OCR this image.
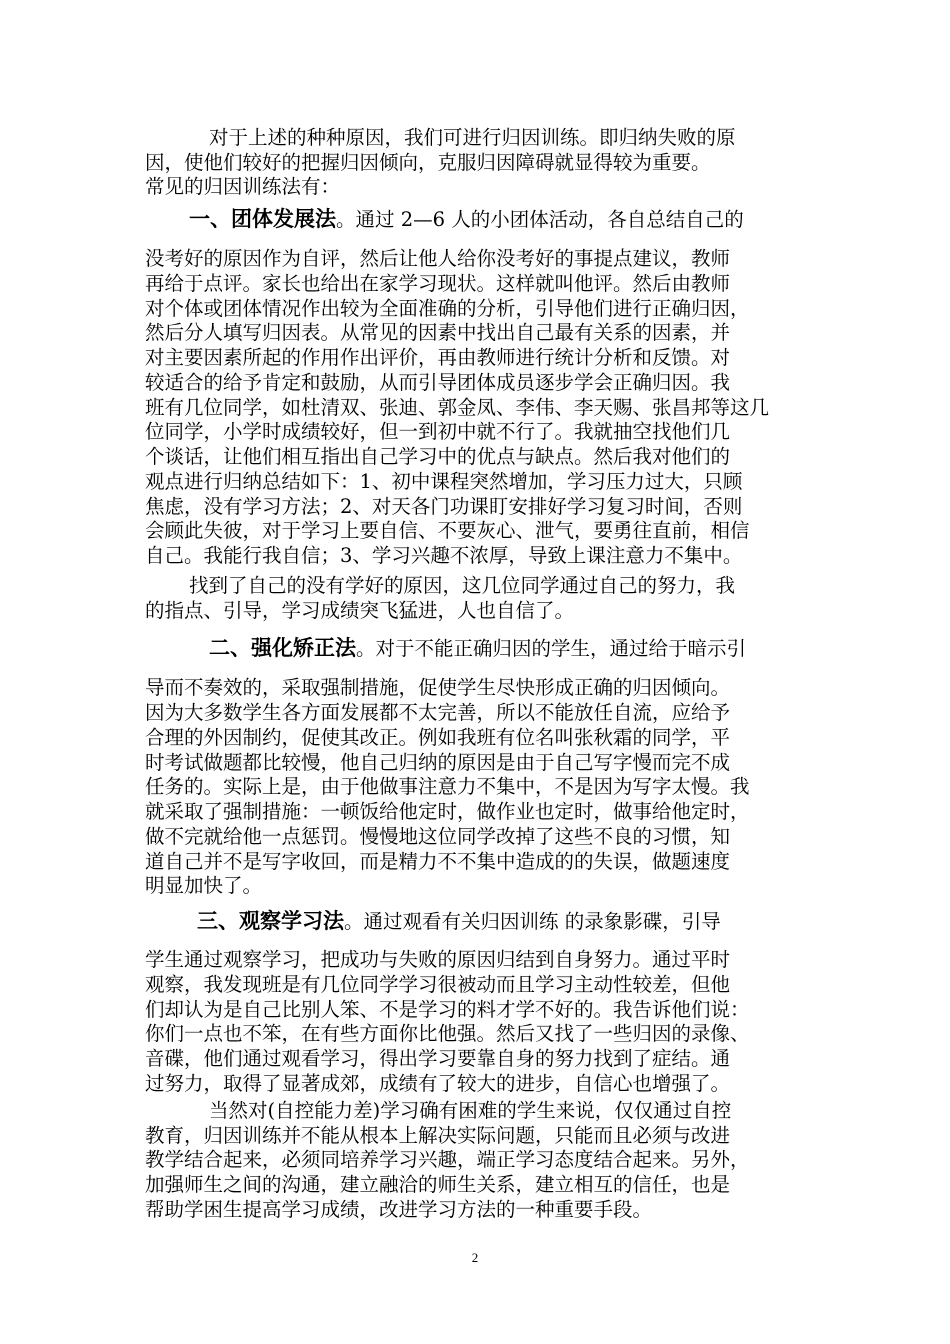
对于上述的种种原因，我们可进行归因训练。即归纳失败的原
因，使他们较好的把握归因倾向，克服归因障碍就显得较为重要。
常见的归因训练法有：
一、团体发展法。通过 2—6 人的小团体活动，各自总结自己的
没考好的原因作为自评，然后让他人给你没考好的事提点建议，教师
再给于点评。家长也给出在家学习现状。这样就叫他评。然后由教师
对个体或团体情况作出较为全面准确的分析，引导他们进行正确归因，
然后分人填写归因表。从常见的因素中找出自己最有关系的因素，并
对主要因素所起的作用作出评价，再由教师进行统计分析和反馈。对
较适合的给予肯定和鼓励，从而引导团体成员逐步学会正确归因。我
班有几位同学，如杜清双、张迪、郭金凤、李伟、李天赐、张昌邦等这几
位同学，小学时成绩较好，但一到初中就不行了。我就抽空找他们几
个谈话，让他们相互指出自己学习中的优点与缺点。然后我对他们的
观点进行归纳总结如下：1、初中课程突然增加，学习压力过大，只顾
焦虑，没有学习方法；2、对天各门功课盯安排好学习复习时间，否则
会顾此失彼，对于学习上要自信、不要灰心、泄气，要勇往直前，相信
自己。我能行我自信；3、学习兴趣不浓厚，导致上课注意力不集中。
找到了自己的没有学好的原因，这几位同学通过自己的努力，我
的指点、引导，学习成绩突飞猛进，人也自信了。
二、强化矫正法。对于不能正确归因的学生，通过给于暗示引
导而不奏效的，采取强制措施，促使学生尽快形成正确的归因倾向。
因为大多数学生各方面发展都不太完善，所以不能放任自流，应给予
合理的外因制约，促使其改正。例如我班有位名叫张秋霜的同学，平
时考试做题都比较慢，他自己归纳的原因是由于自己写字慢而完不成
任务的。实际上是，由于他做事注意力不集中，不是因为写字太慢。我
就采取了强制措施：一顿饭给他定时，做作业也定时，做事给他定时，
做不完就给他一点惩罚。慢慢地这位同学改掉了这些不良的习惯，知
道自己并不是写字收回，而是精力不不集中造成的的失误，做题速度
明显加快了。
三、观察学习法。通过观看有关归因训练 的录象影碟，引导
学生通过观察学习，把成功与失败的原因归结到自身努力。通过平时
观察，我发现班是有几位同学学习很被动而且学习主动性较差，但他
们却认为是自己比别人笨、不是学习的料才学不好的。我告诉他们说：
你们一点也不笨，在有些方面你比他强。然后又找了一些归因的录像、
音碟，他们通过观看学习，得出学习要靠自身的努力找到了症结。通
过努力，取得了显著成郊，成绩有了较大的进步，自信心也增强了。
当然对(自控能力差)学习确有困难的学生来说，仅仅通过自控
教育，归因训练并不能从根本上解决实际问题，只能而且必须与改进
教学结合起来，必须同培养学习兴趣，端正学习态度结合起来。另外，
加强师生之间的沟通，建立融洽的师生关系，建立相互的信任，也是
帮助学困生提高学习成绩，改进学习方法的一种重要手段。
2
